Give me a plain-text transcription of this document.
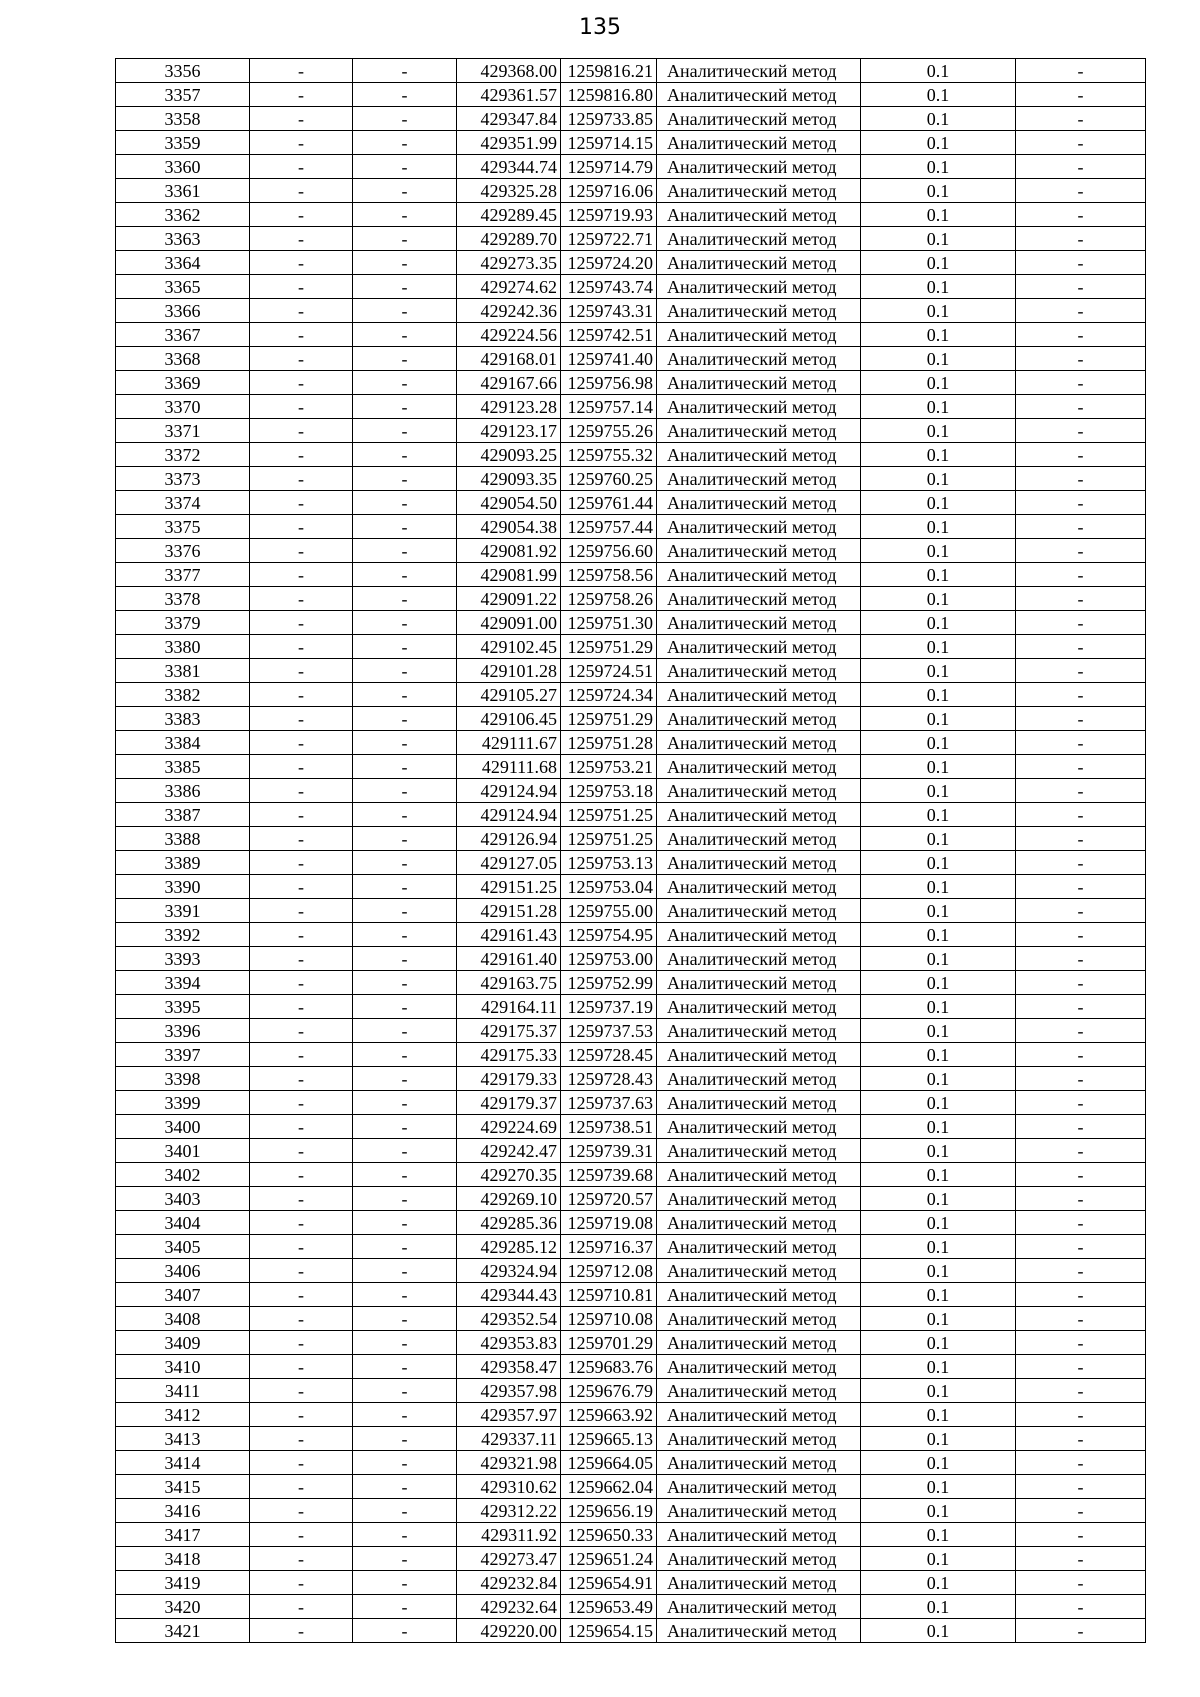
135
3356	-	-	429368.00	1259816.21	Аналитический метод	0.1	-
3357	-	-	429361.57	1259816.80	Аналитический метод	0.1	-
3358	-	-	429347.84	1259733.85	Аналитический метод	0.1	-
3359	-	-	429351.99	1259714.15	Аналитический метод	0.1	-
3360	-	-	429344.74	1259714.79	Аналитический метод	0.1	-
3361	-	-	429325.28	1259716.06	Аналитический метод	0.1	-
3362	-	-	429289.45	1259719.93	Аналитический метод	0.1	-
3363	-	-	429289.70	1259722.71	Аналитический метод	0.1	-
3364	-	-	429273.35	1259724.20	Аналитический метод	0.1	-
3365	-	-	429274.62	1259743.74	Аналитический метод	0.1	-
3366	-	-	429242.36	1259743.31	Аналитический метод	0.1	-
3367	-	-	429224.56	1259742.51	Аналитический метод	0.1	-
3368	-	-	429168.01	1259741.40	Аналитический метод	0.1	-
3369	-	-	429167.66	1259756.98	Аналитический метод	0.1	-
3370	-	-	429123.28	1259757.14	Аналитический метод	0.1	-
3371	-	-	429123.17	1259755.26	Аналитический метод	0.1	-
3372	-	-	429093.25	1259755.32	Аналитический метод	0.1	-
3373	-	-	429093.35	1259760.25	Аналитический метод	0.1	-
3374	-	-	429054.50	1259761.44	Аналитический метод	0.1	-
3375	-	-	429054.38	1259757.44	Аналитический метод	0.1	-
3376	-	-	429081.92	1259756.60	Аналитический метод	0.1	-
3377	-	-	429081.99	1259758.56	Аналитический метод	0.1	-
3378	-	-	429091.22	1259758.26	Аналитический метод	0.1	-
3379	-	-	429091.00	1259751.30	Аналитический метод	0.1	-
3380	-	-	429102.45	1259751.29	Аналитический метод	0.1	-
3381	-	-	429101.28	1259724.51	Аналитический метод	0.1	-
3382	-	-	429105.27	1259724.34	Аналитический метод	0.1	-
3383	-	-	429106.45	1259751.29	Аналитический метод	0.1	-
3384	-	-	429111.67	1259751.28	Аналитический метод	0.1	-
3385	-	-	429111.68	1259753.21	Аналитический метод	0.1	-
3386	-	-	429124.94	1259753.18	Аналитический метод	0.1	-
3387	-	-	429124.94	1259751.25	Аналитический метод	0.1	-
3388	-	-	429126.94	1259751.25	Аналитический метод	0.1	-
3389	-	-	429127.05	1259753.13	Аналитический метод	0.1	-
3390	-	-	429151.25	1259753.04	Аналитический метод	0.1	-
3391	-	-	429151.28	1259755.00	Аналитический метод	0.1	-
3392	-	-	429161.43	1259754.95	Аналитический метод	0.1	-
3393	-	-	429161.40	1259753.00	Аналитический метод	0.1	-
3394	-	-	429163.75	1259752.99	Аналитический метод	0.1	-
3395	-	-	429164.11	1259737.19	Аналитический метод	0.1	-
3396	-	-	429175.37	1259737.53	Аналитический метод	0.1	-
3397	-	-	429175.33	1259728.45	Аналитический метод	0.1	-
3398	-	-	429179.33	1259728.43	Аналитический метод	0.1	-
3399	-	-	429179.37	1259737.63	Аналитический метод	0.1	-
3400	-	-	429224.69	1259738.51	Аналитический метод	0.1	-
3401	-	-	429242.47	1259739.31	Аналитический метод	0.1	-
3402	-	-	429270.35	1259739.68	Аналитический метод	0.1	-
3403	-	-	429269.10	1259720.57	Аналитический метод	0.1	-
3404	-	-	429285.36	1259719.08	Аналитический метод	0.1	-
3405	-	-	429285.12	1259716.37	Аналитический метод	0.1	-
3406	-	-	429324.94	1259712.08	Аналитический метод	0.1	-
3407	-	-	429344.43	1259710.81	Аналитический метод	0.1	-
3408	-	-	429352.54	1259710.08	Аналитический метод	0.1	-
3409	-	-	429353.83	1259701.29	Аналитический метод	0.1	-
3410	-	-	429358.47	1259683.76	Аналитический метод	0.1	-
3411	-	-	429357.98	1259676.79	Аналитический метод	0.1	-
3412	-	-	429357.97	1259663.92	Аналитический метод	0.1	-
3413	-	-	429337.11	1259665.13	Аналитический метод	0.1	-
3414	-	-	429321.98	1259664.05	Аналитический метод	0.1	-
3415	-	-	429310.62	1259662.04	Аналитический метод	0.1	-
3416	-	-	429312.22	1259656.19	Аналитический метод	0.1	-
3417	-	-	429311.92	1259650.33	Аналитический метод	0.1	-
3418	-	-	429273.47	1259651.24	Аналитический метод	0.1	-
3419	-	-	429232.84	1259654.91	Аналитический метод	0.1	-
3420	-	-	429232.64	1259653.49	Аналитический метод	0.1	-
3421	-	-	429220.00	1259654.15	Аналитический метод	0.1	-
